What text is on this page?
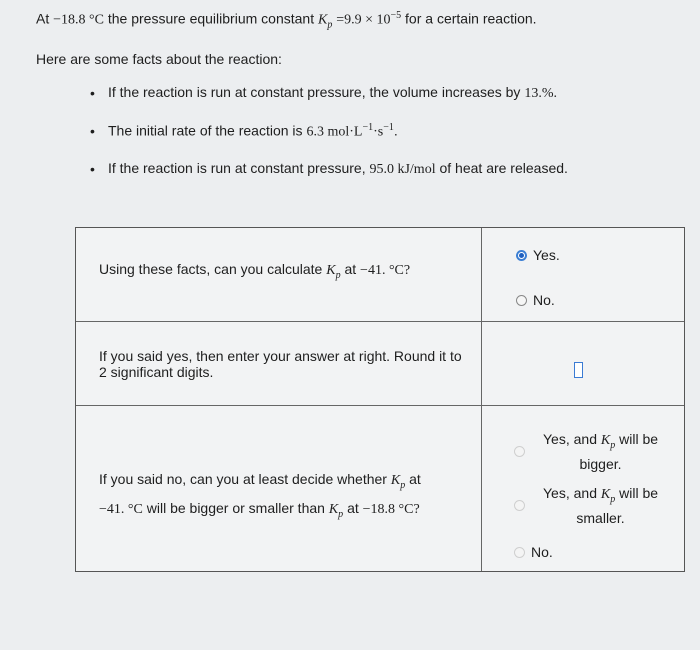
At −18.8 °C the pressure equilibrium constant $K_p =9.9 \times 10^{-5}$ for a certain reaction.
Here are some facts about the reaction:
• If the reaction is run at constant pressure, the volume increases by 13.%.
• The initial rate of the reaction is 6.3 $mol\cdot L^{-1}\cdot s^{-1}$.
• If the reaction is run at constant pressure, 95.0 kJ/mol of heat are released.
Using these facts, can you calculate $K_p$ at −41. °C?
Yes.
No.
If you said yes, then enter your answer at right. Round it to
2 significant digits.
If you said no, can you at least decide whether $K_p$ at
−41. °C will be bigger or smaller than $K_p$ at −18.8 °C?
Yes, and $K_p$ will be
bigger.
Yes, and $K_p$ will be
smaller.
No.
